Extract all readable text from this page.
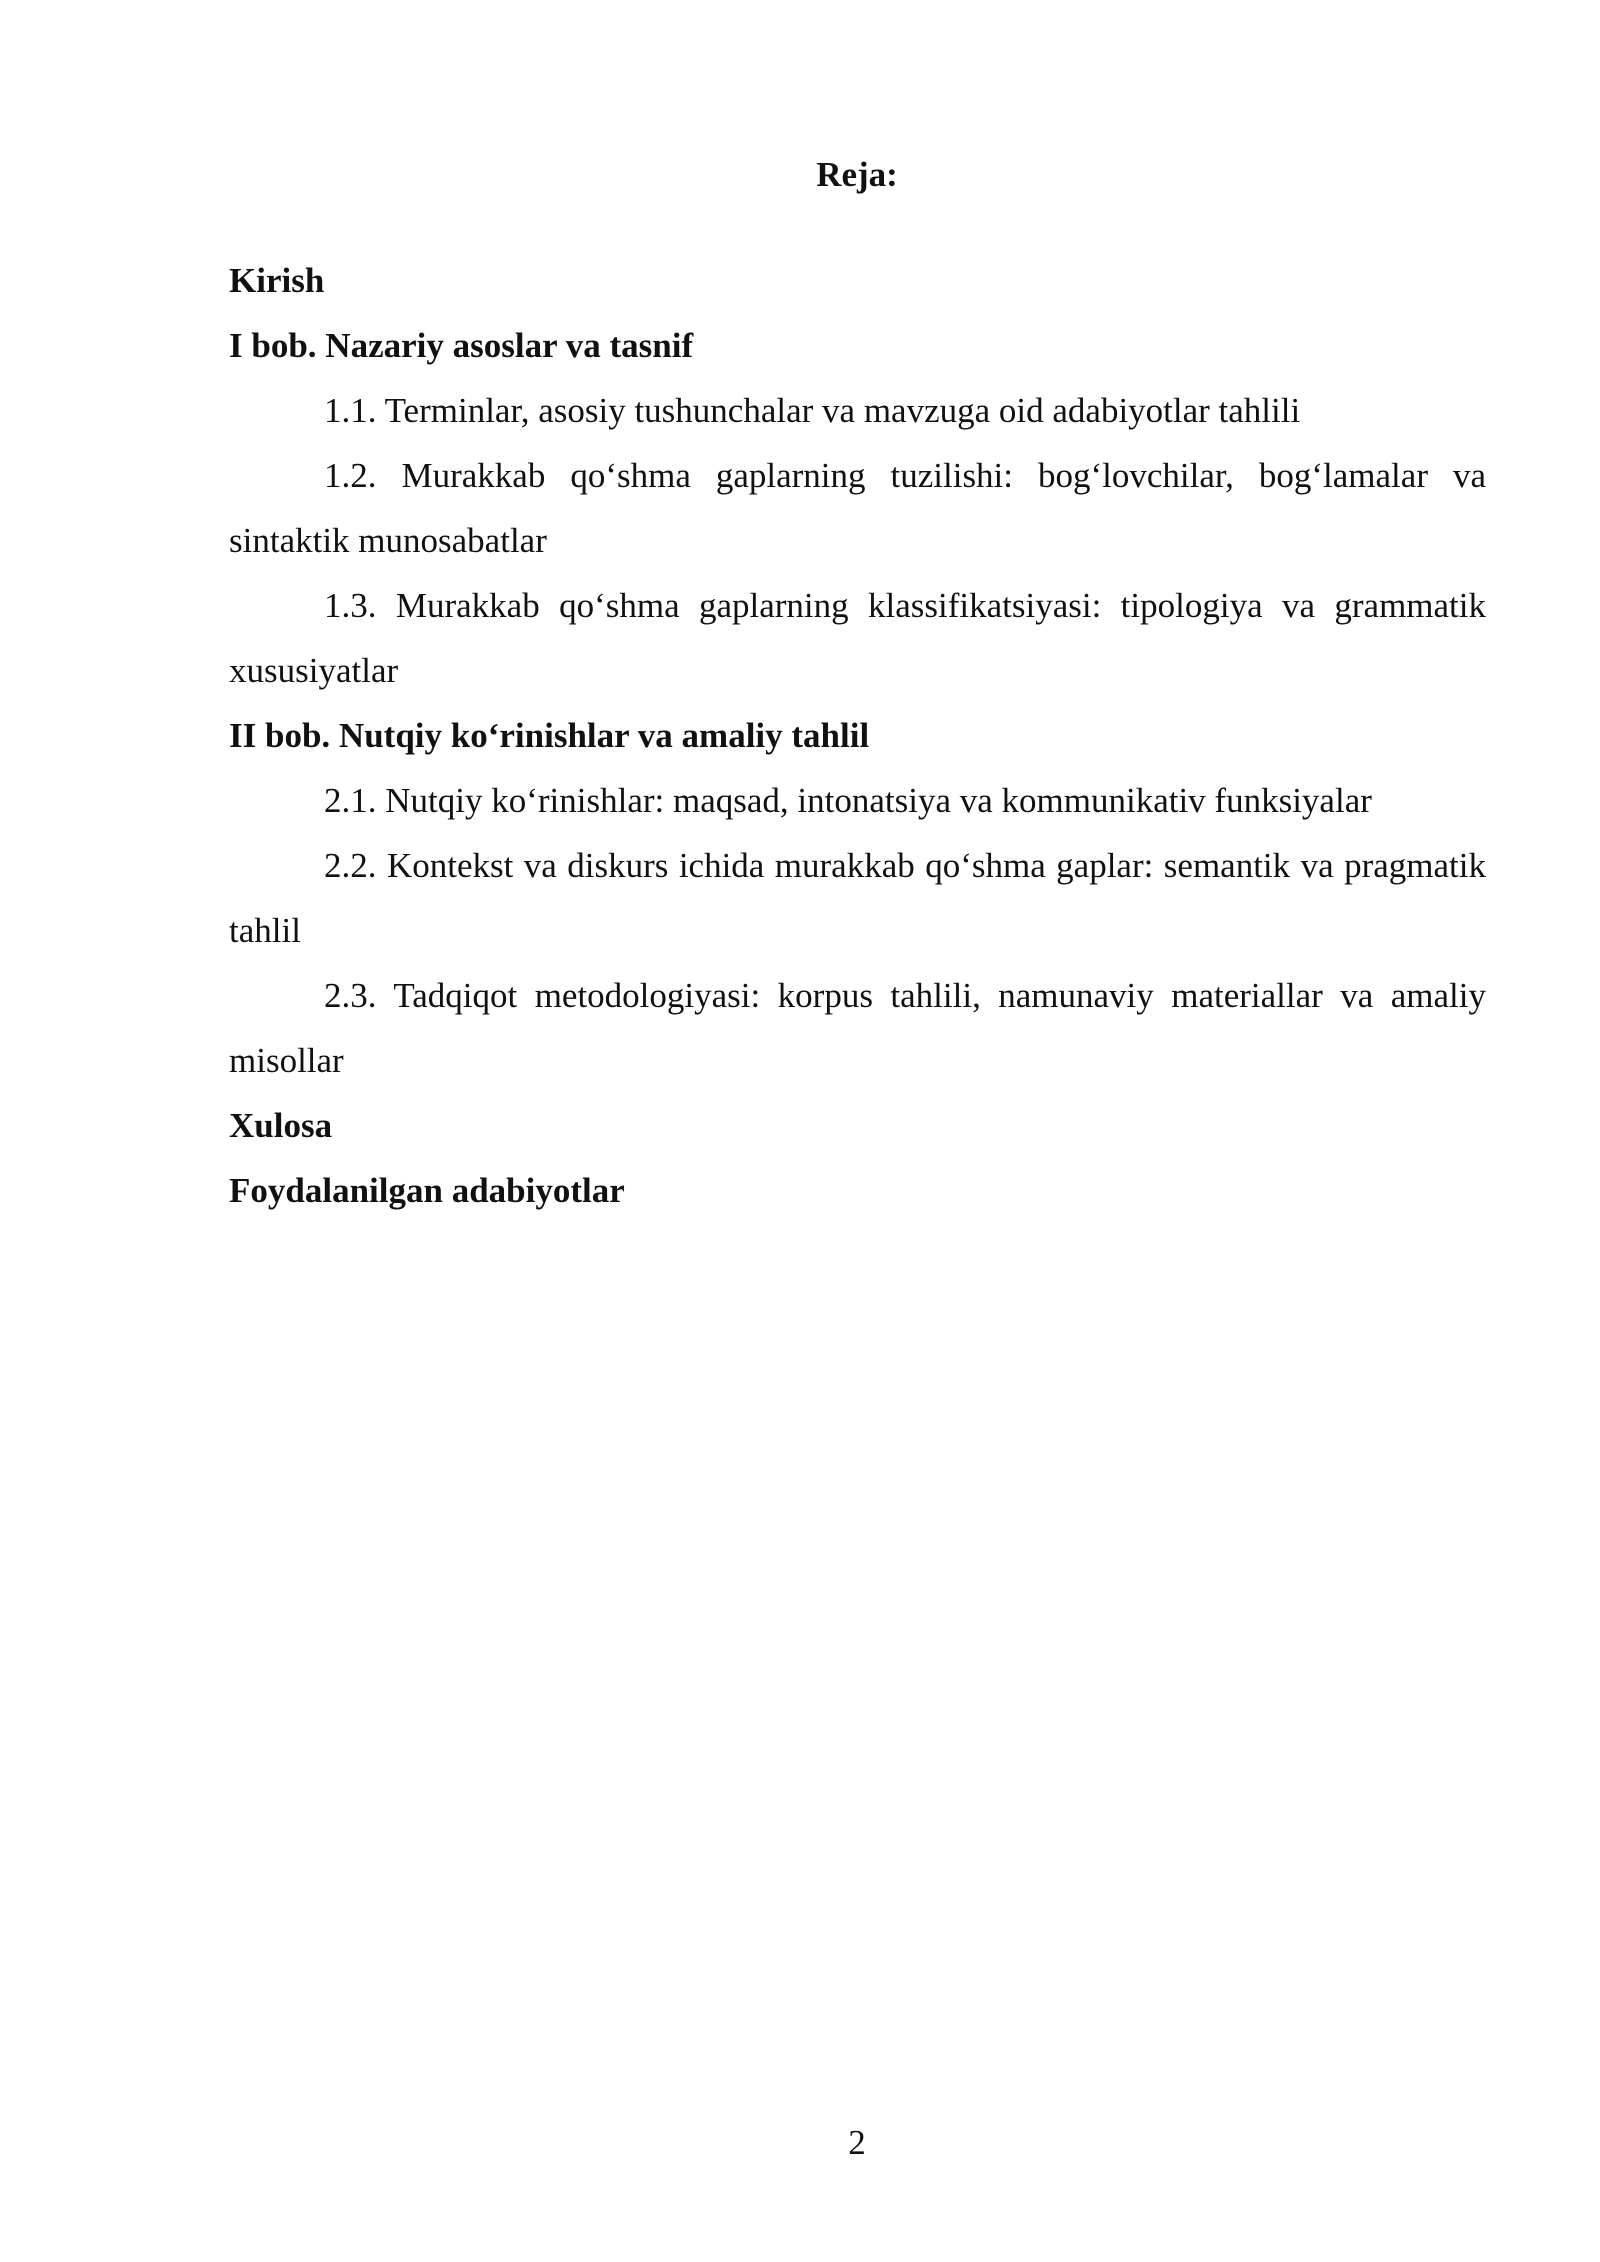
Reja:

Kirish

I bob. Nazariy asoslar va tasnif

1.1. Terminlar, asosiy tushunchalar va mavzuga oid adabiyotlar tahlili

1.2. Murakkab qo‘shma gaplarning tuzilishi: bog‘lovchilar, bog‘lamalar va sintaktik munosabatlar

1.3. Murakkab qo‘shma gaplarning klassifikatsiyasi: tipologiya va grammatik xususiyatlar

II bob. Nutqiy ko‘rinishlar va amaliy tahlil

2.1. Nutqiy ko‘rinishlar: maqsad, intonatsiya va kommunikativ funksiyalar

2.2. Kontekst va diskurs ichida murakkab qo‘shma gaplar: semantik va pragmatik tahlil

2.3. Tadqiqot metodologiyasi: korpus tahlili, namunaviy materiallar va amaliy misollar

Xulosa

Foydalanilgan adabiyotlar

2
